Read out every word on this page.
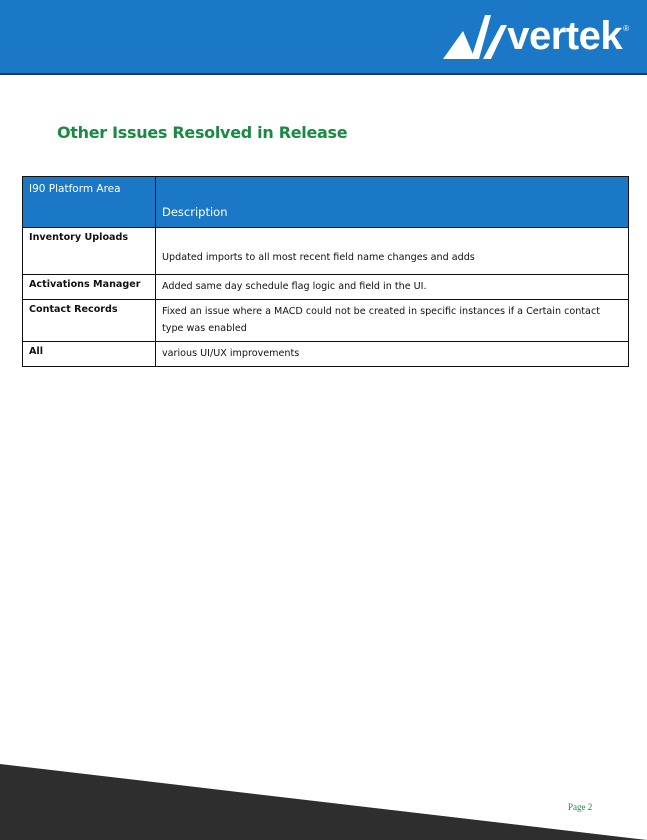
vertek ®
Other Issues Resolved in Release
I90 Platform Area	Description
Inventory Uploads	Updated imports to all most recent field name changes and adds
Activations Manager	Added same day schedule flag logic and field in the UI.
Contact Records	Fixed an issue where a MACD could not be created in specific instances if a Certain contact type was enabled
All	various UI/UX improvements
Page 2
